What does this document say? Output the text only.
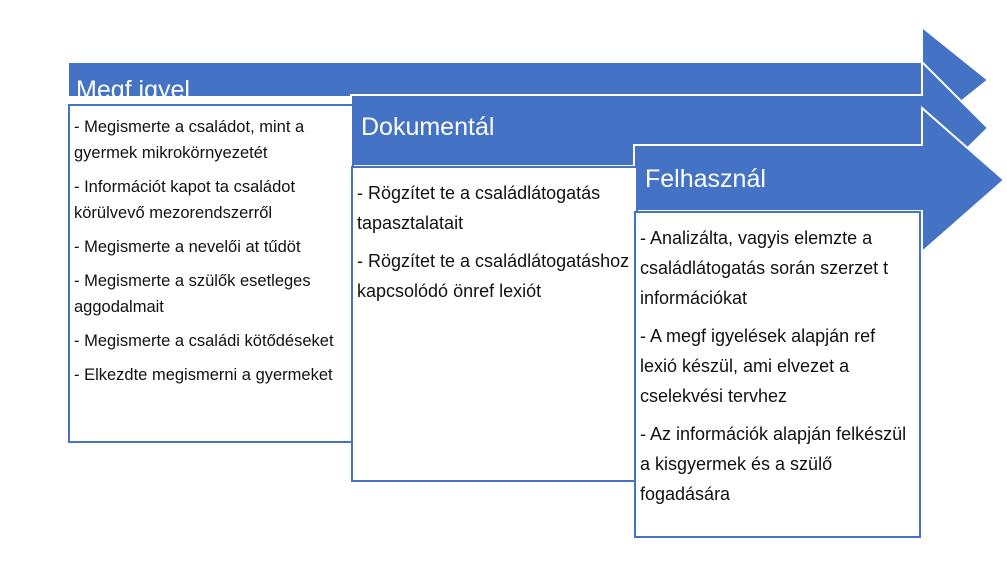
Megf igyel
Dokumentál
Felhasznál
- Megismerte a családot, mint a gyermek mikrokörnyezetét
- Információt kapot ta családot körülvevő mezorendszerről
- Megismerte a nevelői at tűdöt
- Megismerte a szülők esetleges aggodalmait
- Megismerte a családi kötődéseket
- Elkezdte megismerni a gyermeket
- Rögzítet te a családlátogatás tapasztalatait
- Rögzítet te a családlátogatáshoz kapcsolódó önref lexiót
- Analizálta, vagyis elemzte a családlátogatás során szerzet t információkat
- A megf igyelések alapján ref lexió készül, ami elvezet a cselekvési tervhez
- Az információk alapján felkészül a kisgyermek és a szülő fogadására
